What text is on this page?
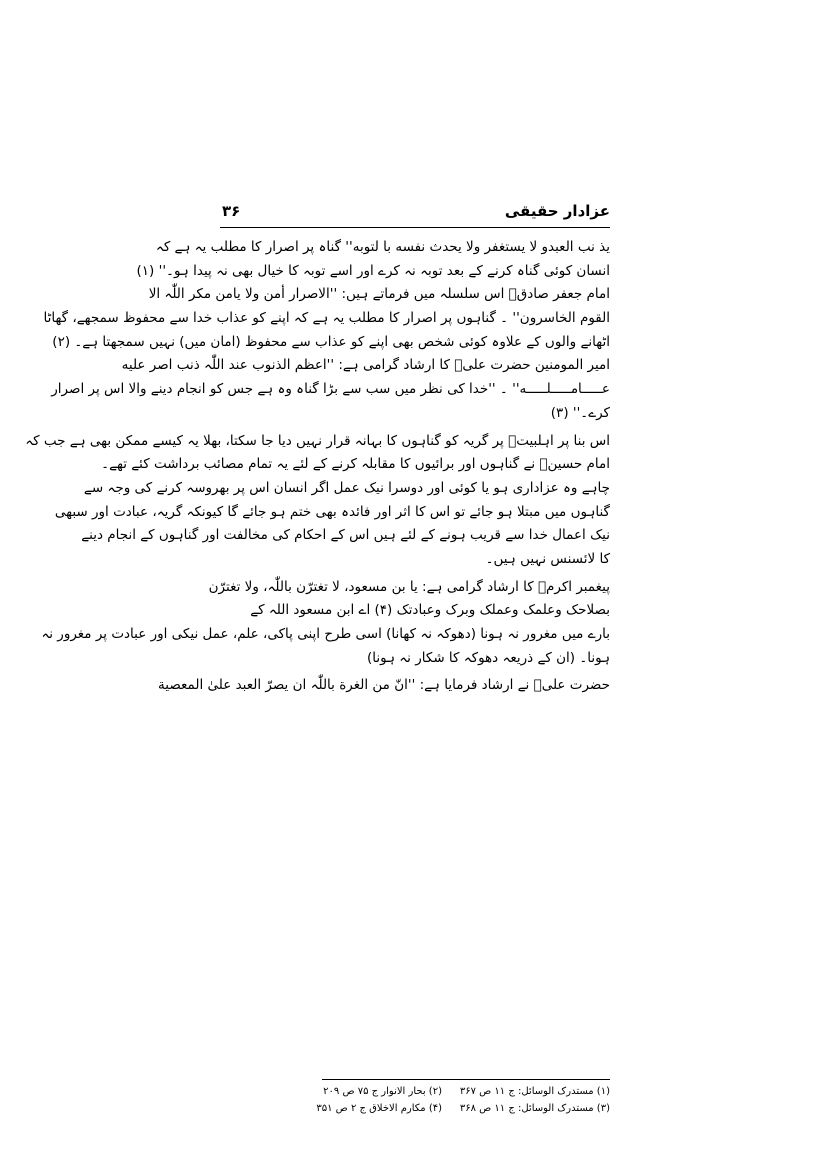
عزادار حقیقی
۳۶
یذ نب العبدو لا یستغفر ولا یحدث نفسه با لتوبه'' گناہ پر اصرار کا مطلب یہ ہے کہ
انسان کوئی گناہ کرنے کے بعد توبہ نہ کرے اور اسے توبہ کا خیال بھی نہ پیدا ہو۔'' (۱)
امام جعفر صادقؑ اس سلسلہ میں فرماتے ہیں: ''الاصرار أمن ولا یامن مکر اللّٰہ الا
القوم الخاسرون'' ۔ گناہوں پر اصرار کا مطلب یہ ہے کہ اپنے کو عذاب خدا سے محفوظ سمجھے، گھاٹا
اٹھانے والوں کے علاوہ کوئی شخص بھی اپنے کو عذاب سے محفوظ (امان میں) نہیں سمجھتا ہے۔ (۲)
امیر المومنین حضرت علیؑ کا ارشاد گرامی ہے: ''اعظم الذنوب عند اللّٰہ ذنب اصر علیه
عـــــامـــــلـــــه'' ۔ ''خدا کی نظر میں سب سے بڑا گناہ وہ ہے جس کو انجام دینے والا اس پر اصرار
کرے۔'' (۳)
اس بنا پر اہلبیتؑ پر گریہ کو گناہوں کا بہانہ قرار نہیں دیا جا سکتا، بھلا یہ کیسے ممکن بھی ہے جب کہ
امام حسینؑ نے گناہوں اور برائیوں کا مقابلہ کرنے کے لئے یہ تمام مصائب برداشت کئے تھے۔
چاہے وہ عزاداری ہو یا کوئی اور دوسرا نیک عمل اگر انسان اس پر بھروسہ کرنے کی وجہ سے
گناہوں میں مبتلا ہو جائے تو اس کا اثر اور فائدہ بھی ختم ہو جائے گا کیونکہ گریہ، عبادت اور سبھی
نیک اعمال خدا سے قریب ہونے کے لئے ہیں اس کے احکام کی مخالفت اور گناہوں کے انجام دینے
کا لائسنس نہیں ہیں۔
پیغمبر اکرمؐ کا ارشاد گرامی ہے: یا بن مسعود، لا تغترّن باللّٰہ، ولا تغترّن
بصلاحک وعلمک وعملک وبرک وعبادتک (۴) اے ابن مسعود اللہ کے
بارے میں مغرور نہ ہونا (دھوکہ نہ کھانا) اسی طرح اپنی پاکی، علم، عمل نیکی اور عبادت پر مغرور نہ
ہونا۔ (ان کے ذریعہ دھوکہ کا شکار نہ ہونا)
حضرت علیؑ نے ارشاد فرمایا ہے: ''انّ من الغرة باللّٰہ ان یصرّ العبد علیٰ المعصیة
(۱) مستدرک الوسائل: ج ۱۱ ص ۳۶۷
(۲) بحار الانوار ج ۷۵ ص ۲۰۹
(۳) مستدرک الوسائل: ج ۱۱ ص ۳۶۸
(۴) مکارم الاخلاق ج ۲ ص ۳۵۱
